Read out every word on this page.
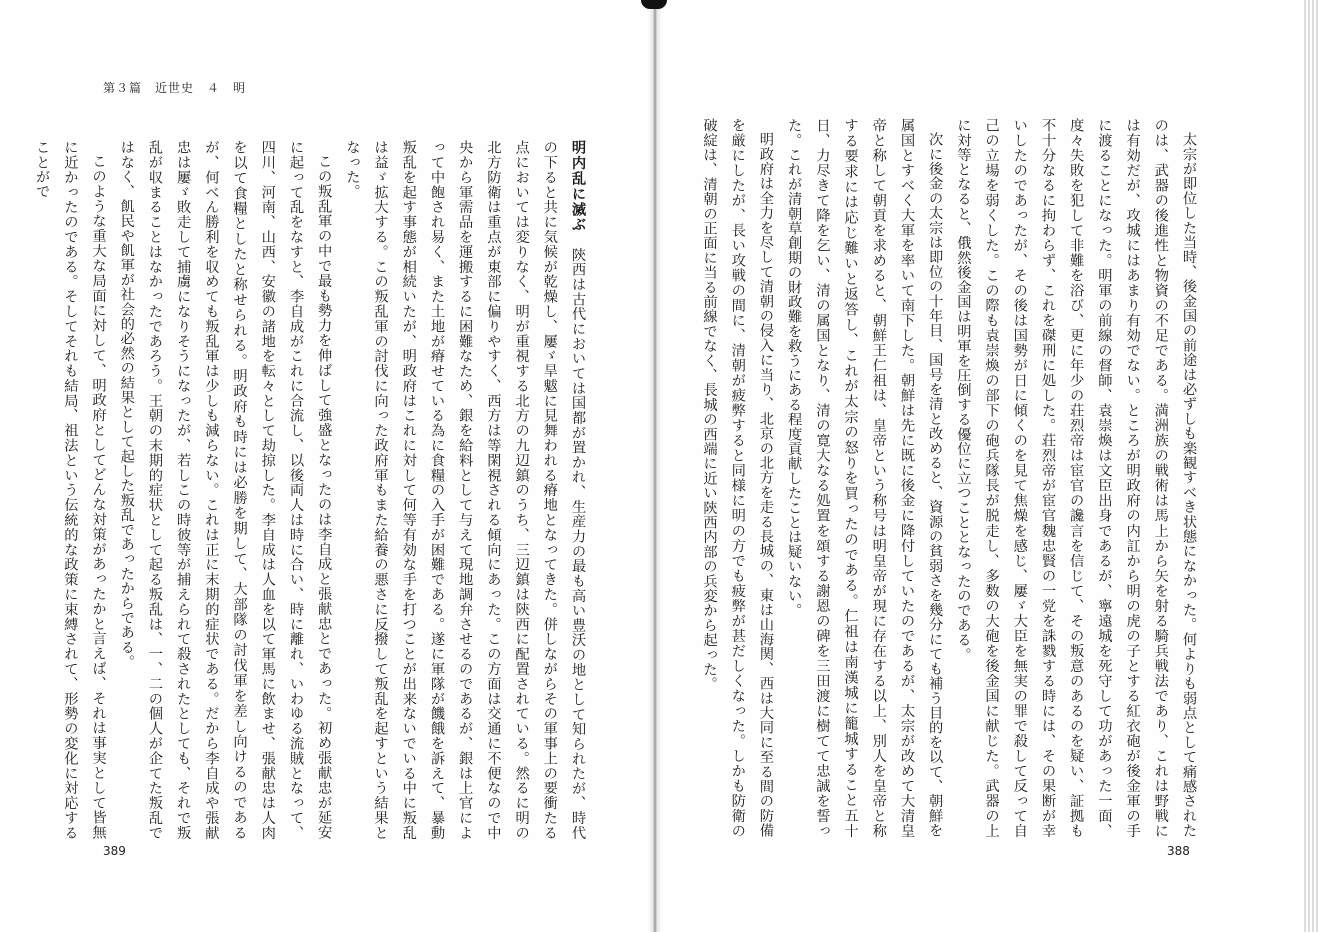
第３篇　近世史　４　明

明内乱に滅ぶ　陝西は古代においては国都が置かれ、生産力の最も高い豊沃の地として知られたが、時代の下ると共に気候が乾燥し、屢ゞ旱魃に見舞われる瘠地となってきた。併しながらその軍事上の要衝たる点においては変りなく、明が重視する北方の九辺鎮のうち、三辺鎮は陝西に配置されている。然るに明の北方防衛は重点が東部に偏りやすく、西方は等閑視される傾向にあった。この方面は交通に不便なので中央から軍需品を運搬するに困難なため、銀を給料として与えて現地調弁させるのであるが、銀は上官によって中飽され易く、また土地が瘠せている為に食糧の入手が困難である。遂に軍隊が饑餓を訴えて、暴動叛乱を起す事態が相続いたが、明政府はこれに対して何等有効な手を打つことが出来ないでいる中に叛乱は益ゞ拡大する。この叛乱軍の討伐に向った政府軍もまた給養の悪さに反撥して叛乱を起すという結果となった。

この叛乱軍の中で最も勢力を伸ばして強盛となったのは李自成と張献忠とであった。初め張献忠が延安に起って乱をなすと、李自成がこれに合流し、以後両人は時に合い、時に離れ、いわゆる流賊となって、四川、河南、山西、安徽の諸地を転々として劫掠した。李自成は人血を以て軍馬に飲ませ、張献忠は人肉を以て食糧としたと称せられる。明政府も時には必勝を期して、大部隊の討伐軍を差し向けるのであるが、何べん勝利を収めても叛乱軍は少しも減らない。これは正に末期的症状である。だから李自成や張献忠は屢ゞ敗走して捕虜になりそうになったが、若しこの時彼等が捕えられて殺されたとしても、それで叛乱が収まることはなかったであろう。王朝の末期的症状として起る叛乱は、一、二の個人が企てた叛乱ではなく、飢民や飢軍が社会的必然の結果として起した叛乱であったからである。

このような重大な局面に対して、明政府としてどんな対策があったかと言えば、それは事実として皆無に近かったのである。そしてそれも結局、祖法という伝統的な政策に束縛されて、形勢の変化に対応することがで	太宗が即位した当時、後金国の前途は必ずしも楽観すべき状態になかった。何よりも弱点として痛感されたのは、武器の後進性と物資の不足である。満洲族の戦術は馬上から矢を射る騎兵戦法であり、これは野戦には有効だが、攻城にはあまり有効でない。ところが明政府の内訌から明の虎の子とする紅衣砲が後金軍の手に渡ることになった。明軍の前線の督師、袁崇煥は文臣出身であるが、寧遠城を死守して功があった一面、度々失敗を犯して非難を浴び、更に年少の荘烈帝は宦官の讒言を信じて、その叛意のあるのを疑い、証拠も不十分なるに拘わらず、これを磔刑に処した。荘烈帝が宦官魏忠賢の一党を誅戮する時には、その果断が幸いしたのであったが、その後は国勢が日に傾くのを見て焦燥を感じ、屢ゞ大臣を無実の罪で殺して反って自己の立場を弱くした。この際も袁崇煥の部下の砲兵隊長が脱走し、多数の大砲を後金国に献じた。武器の上に対等となると、俄然後金国は明軍を圧倒する優位に立つこととなったのである。

次に後金の太宗は即位の十年目、国号を清と改めると、資源の貧弱さを幾分にても補う目的を以て、朝鮮を属国とすべく大軍を率いて南下した。朝鮮は先に既に後金に降付していたのであるが、太宗が改めて大清皇帝と称して朝貢を求めると、朝鮮王仁祖は、皇帝という称号は明皇帝が現に存在する以上、別人を皇帝と称する要求には応じ難いと返答し、これが太宗の怒りを買ったのである。仁祖は南漢城に籠城すること五十日、力尽きて降を乞い、清の属国となり、清の寛大なる処置を頌する謝恩の碑を三田渡に樹てて忠誠を誓った。これが清朝草創期の財政難を救うにある程度貢献したことは疑いない。

明政府は全力を尽して清朝の侵入に当り、北京の北方を走る長城の、東は山海関、西は大同に至る間の防備を厳にしたが、長い攻戦の間に、清朝が疲弊すると同様に明の方でも疲弊が甚だしくなった。しかも防衛の破綻は、清朝の正面に当る前線でなく、長城の西端に近い陝西内部の兵変から起った。

389	388
